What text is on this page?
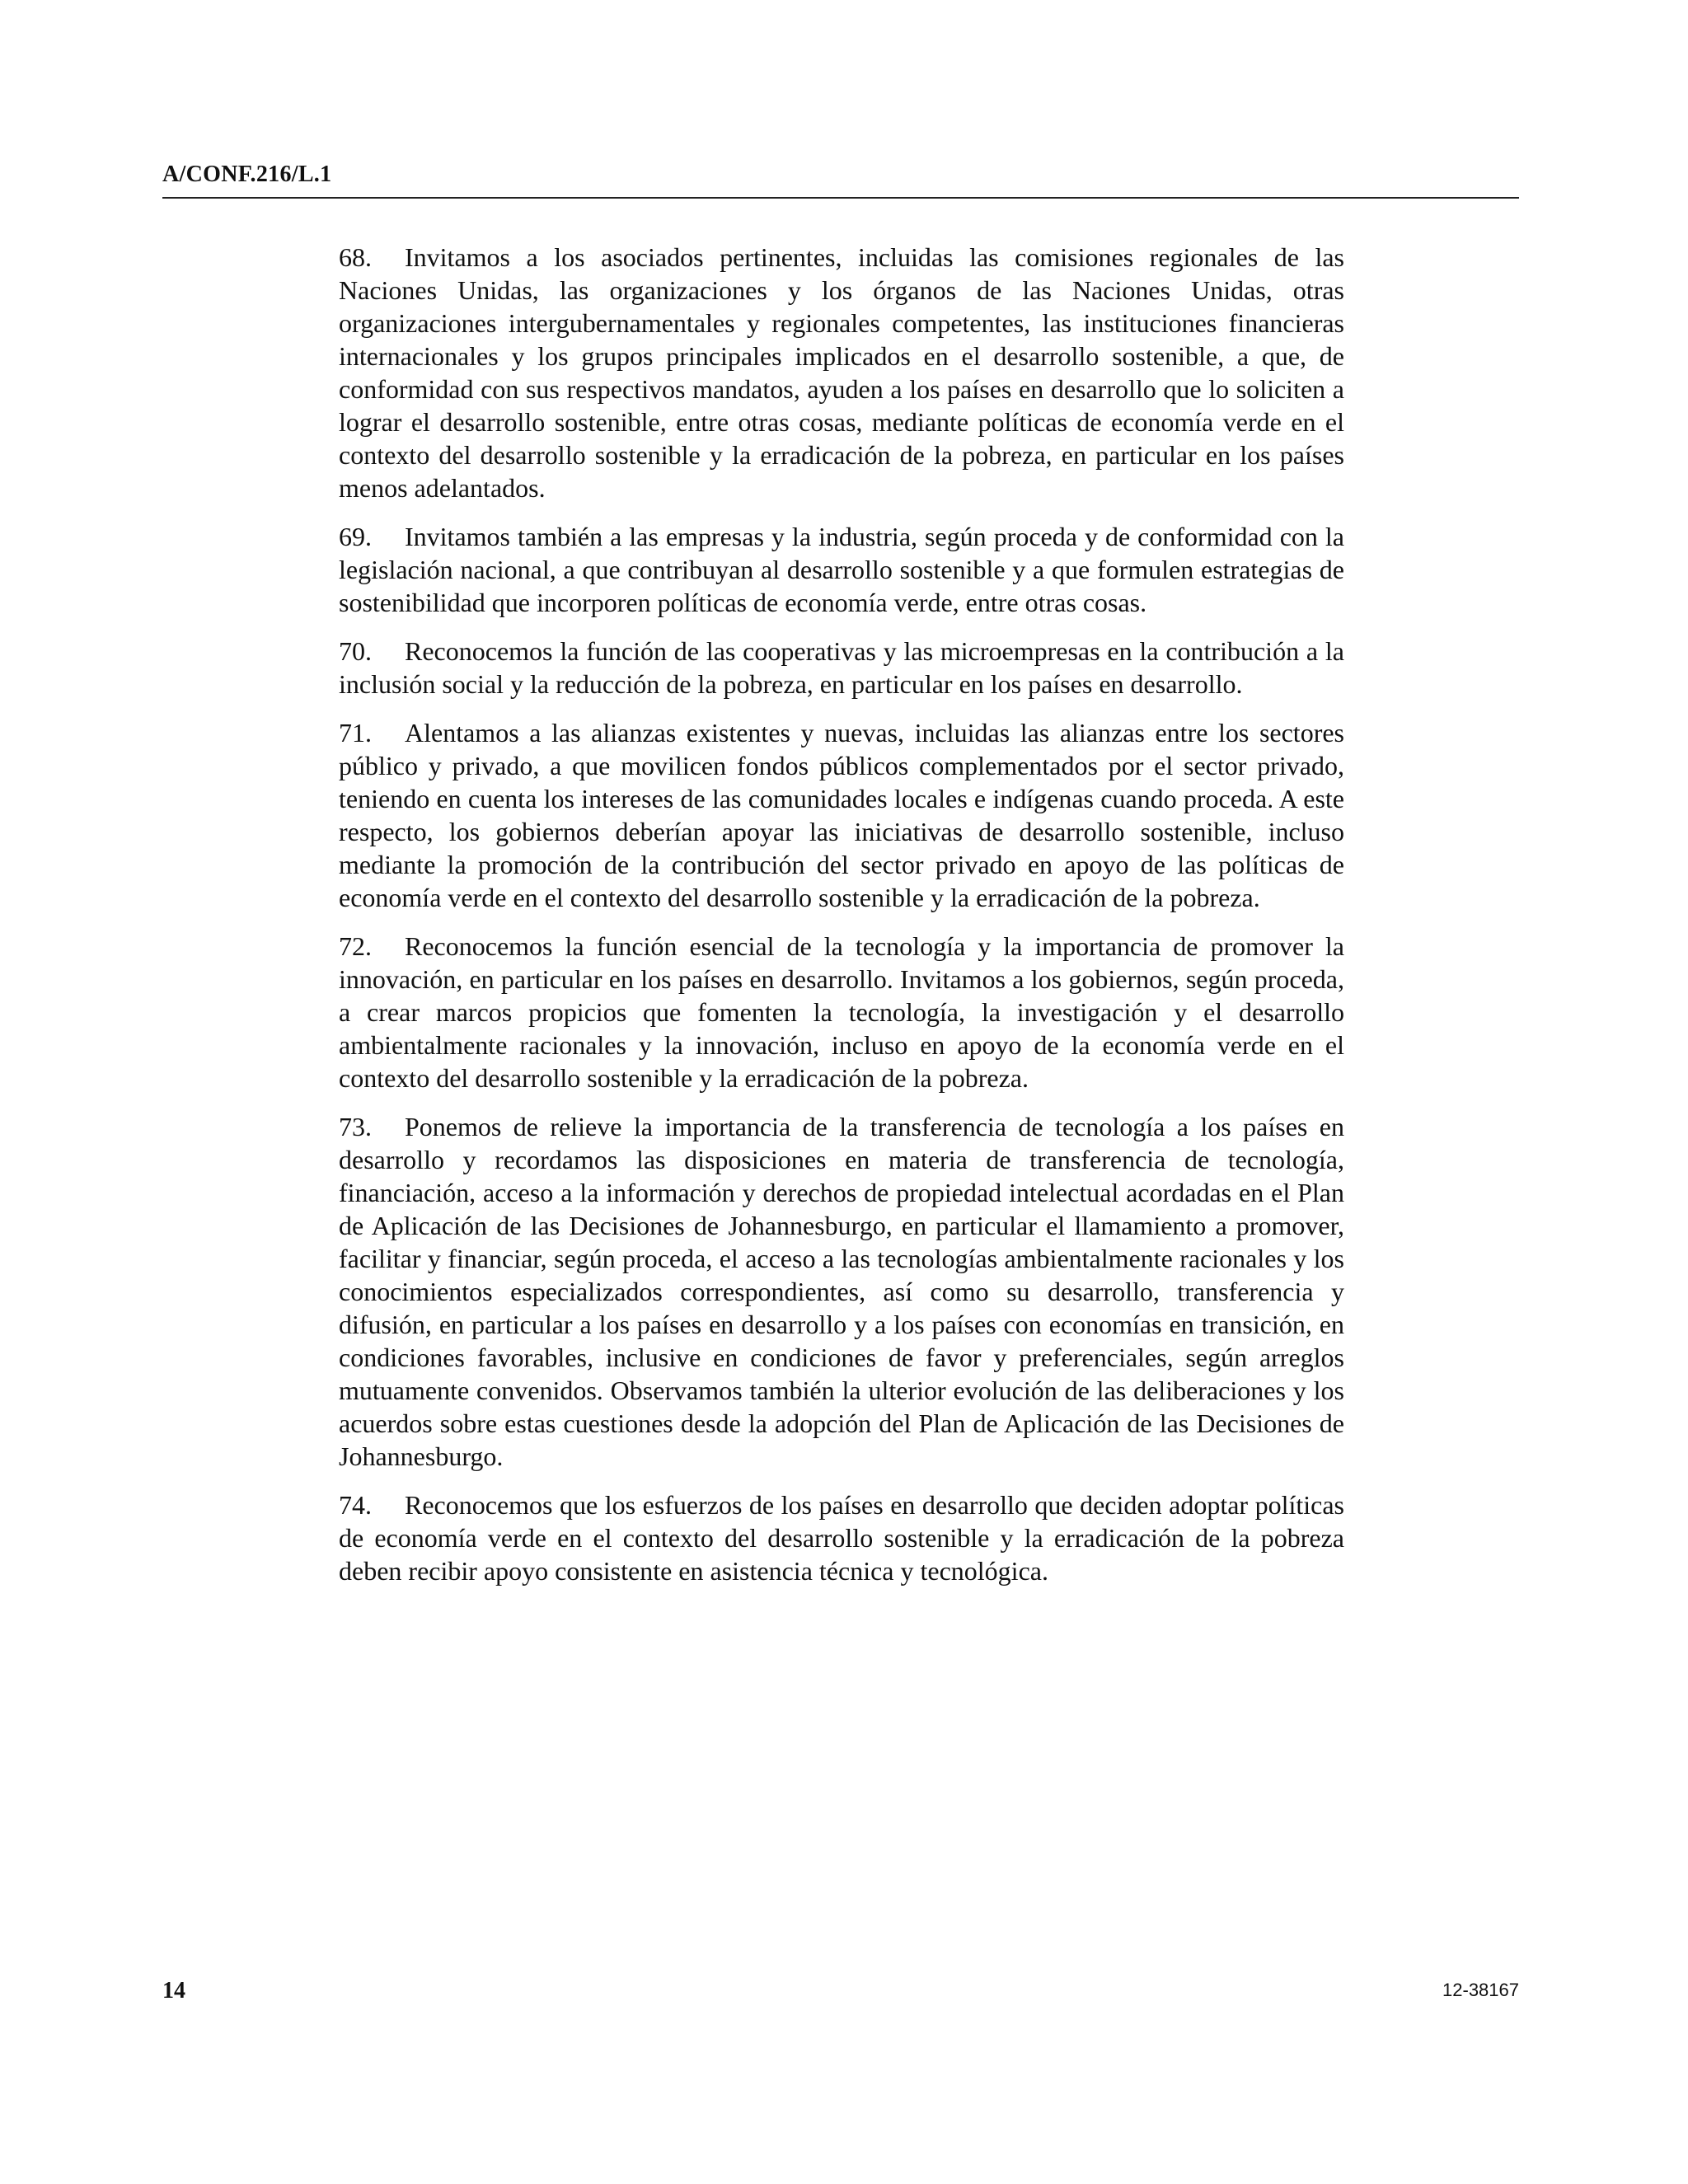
A/CONF.216/L.1

68. Invitamos a los asociados pertinentes, incluidas las comisiones regionales de las Naciones Unidas, las organizaciones y los órganos de las Naciones Unidas, otras organizaciones intergubernamentales y regionales competentes, las instituciones financieras internacionales y los grupos principales implicados en el desarrollo sostenible, a que, de conformidad con sus respectivos mandatos, ayuden a los países en desarrollo que lo soliciten a lograr el desarrollo sostenible, entre otras cosas, mediante políticas de economía verde en el contexto del desarrollo sostenible y la erradicación de la pobreza, en particular en los países menos adelantados.

69. Invitamos también a las empresas y la industria, según proceda y de conformidad con la legislación nacional, a que contribuyan al desarrollo sostenible y a que formulen estrategias de sostenibilidad que incorporen políticas de economía verde, entre otras cosas.

70. Reconocemos la función de las cooperativas y las microempresas en la contribución a la inclusión social y la reducción de la pobreza, en particular en los países en desarrollo.

71. Alentamos a las alianzas existentes y nuevas, incluidas las alianzas entre los sectores público y privado, a que movilicen fondos públicos complementados por el sector privado, teniendo en cuenta los intereses de las comunidades locales e indígenas cuando proceda. A este respecto, los gobiernos deberían apoyar las iniciativas de desarrollo sostenible, incluso mediante la promoción de la contribución del sector privado en apoyo de las políticas de economía verde en el contexto del desarrollo sostenible y la erradicación de la pobreza.

72. Reconocemos la función esencial de la tecnología y la importancia de promover la innovación, en particular en los países en desarrollo. Invitamos a los gobiernos, según proceda, a crear marcos propicios que fomenten la tecnología, la investigación y el desarrollo ambientalmente racionales y la innovación, incluso en apoyo de la economía verde en el contexto del desarrollo sostenible y la erradicación de la pobreza.

73. Ponemos de relieve la importancia de la transferencia de tecnología a los países en desarrollo y recordamos las disposiciones en materia de transferencia de tecnología, financiación, acceso a la información y derechos de propiedad intelectual acordadas en el Plan de Aplicación de las Decisiones de Johannesburgo, en particular el llamamiento a promover, facilitar y financiar, según proceda, el acceso a las tecnologías ambientalmente racionales y los conocimientos especializados correspondientes, así como su desarrollo, transferencia y difusión, en particular a los países en desarrollo y a los países con economías en transición, en condiciones favorables, inclusive en condiciones de favor y preferenciales, según arreglos mutuamente convenidos. Observamos también la ulterior evolución de las deliberaciones y los acuerdos sobre estas cuestiones desde la adopción del Plan de Aplicación de las Decisiones de Johannesburgo.

74. Reconocemos que los esfuerzos de los países en desarrollo que deciden adoptar políticas de economía verde en el contexto del desarrollo sostenible y la erradicación de la pobreza deben recibir apoyo consistente en asistencia técnica y tecnológica.

14	12-38167
